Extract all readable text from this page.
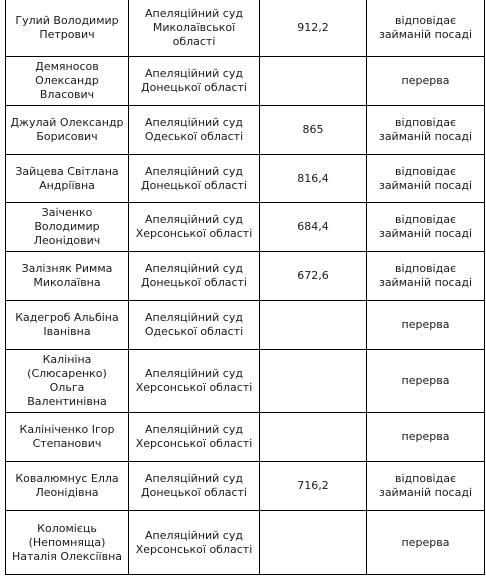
Гулий Володимир Петрович	Апеляційний суд Миколаївської області	912,2	відповідає займаній посаді
Демяносов Олександр Власович	Апеляційний суд Донецької області		перерва
Джулай Олександр Борисович	Апеляційний суд Одеської області	865	відповідає займаній посаді
Зайцева Світлана Андріївна	Апеляційний суд Донецької області	816,4	відповідає займаній посаді
Заіченко Володимир Леонідович	Апеляційний суд Херсонської області	684,4	відповідає займаній посаді
Залізняк Римма Миколаївна	Апеляційний суд Донецької області	672,6	відповідає займаній посаді
Кадегроб Альбіна Іванівна	Апеляційний суд Одеської області		перерва
Калініна (Слюсаренко) Ольга Валентинівна	Апеляційний суд Херсонської області		перерва
Калініченко Ігор Степанович	Апеляційний суд Херсонської області		перерва
Ковалюмнус Елла Леонідівна	Апеляційний суд Донецької області	716,2	відповідає займаній посаді
Коломієць (Непомняща) Наталія Олексіївна	Апеляційний суд Херсонської області		перерва
